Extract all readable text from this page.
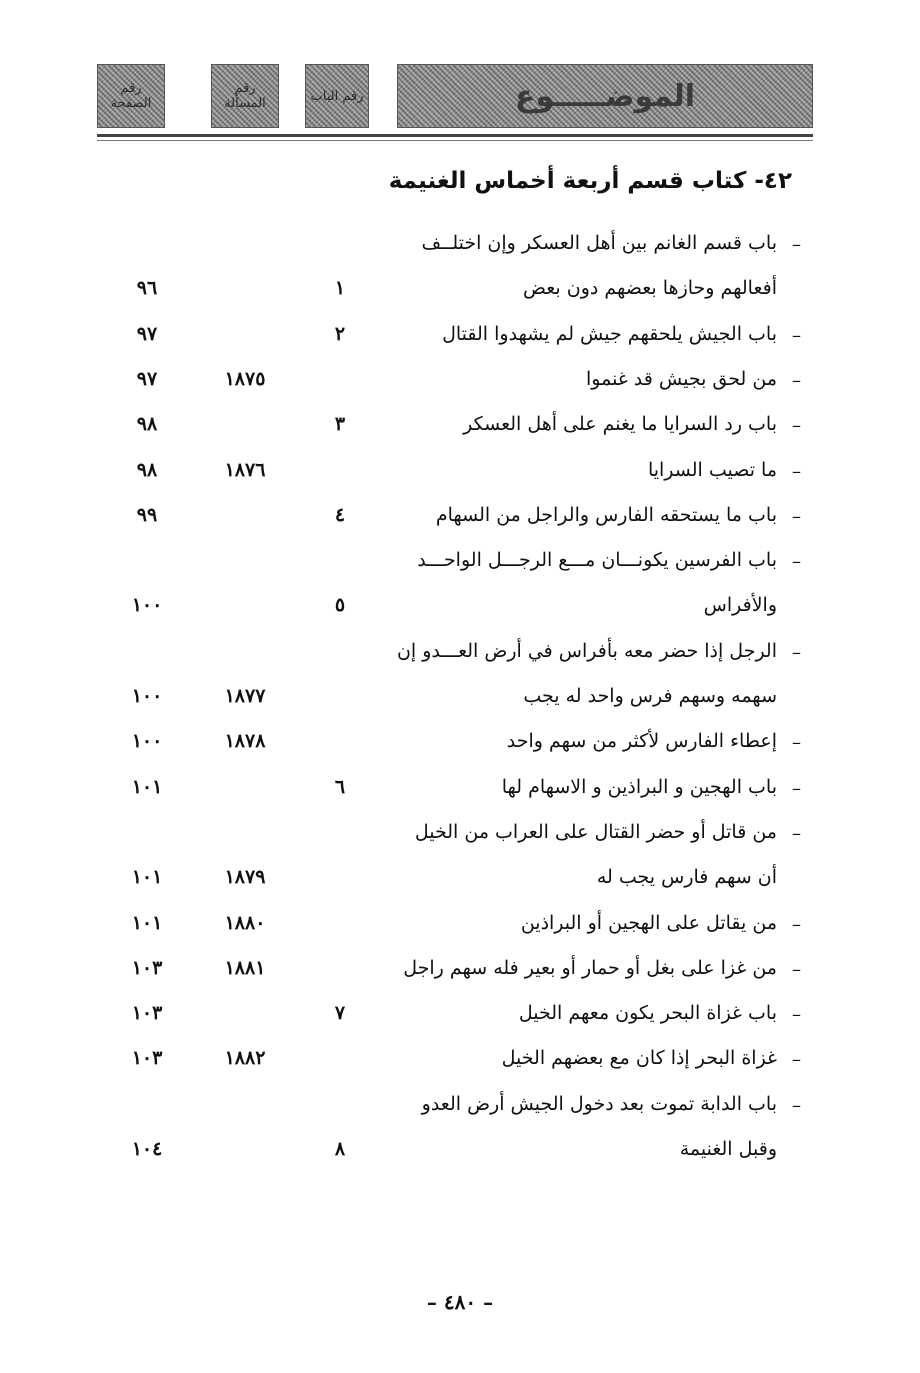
رقم الصفحة
رقم المسألة	رقم الباب	الموضـــــوع
٤٢- كتاب قسم أربعة أخماس الغنيمة
–
باب قسم الغانم بين أهل العسكر وإن اختلــف
أفعالهم وحازها بعضهم دون بعض
١
٩٦
–
باب الجيش يلحقهم جيش لم يشهدوا القتال
٢
٩٧
–
من لحق بجيش قد غنموا
١٨٧٥
٩٧
–
باب رد السرايا ما يغنم على أهل العسكر
٣
٩٨
–
ما تصيب السرايا
١٨٧٦
٩٨
–
باب ما يستحقه الفارس والراجل من السهام
٤
٩٩
–
باب الفرسين يكونـــان مـــع الرجـــل الواحـــد
والأفراس
٥
١٠٠
–
الرجل إذا حضر معه بأفراس في أرض العـــدو إن
سهمه وسهم فرس واحد له يجب
١٨٧٧
١٠٠
–
إعطاء الفارس لأكثر من سهم واحد
١٨٧٨
١٠٠
–
باب الهجين و البراذين و الاسهام لها
٦
١٠١
–
من قاتل أو حضر القتال على العراب من الخيل
أن سهم فارس يجب له
١٨٧٩
١٠١
–
من يقاتل على الهجين أو البراذين
١٨٨٠
١٠١
–
من غزا على بغل أو حمار أو بعير فله سهم راجل
١٨٨١
١٠٣
–
باب غزاة البحر يكون معهم الخيل
٧
١٠٣
–
غزاة البحر إذا كان مع بعضهم الخيل
١٨٨٢
١٠٣
–
باب الدابة تموت بعد دخول الجيش أرض العدو
وقبل الغنيمة
٨
١٠٤
– ٤٨٠ –
